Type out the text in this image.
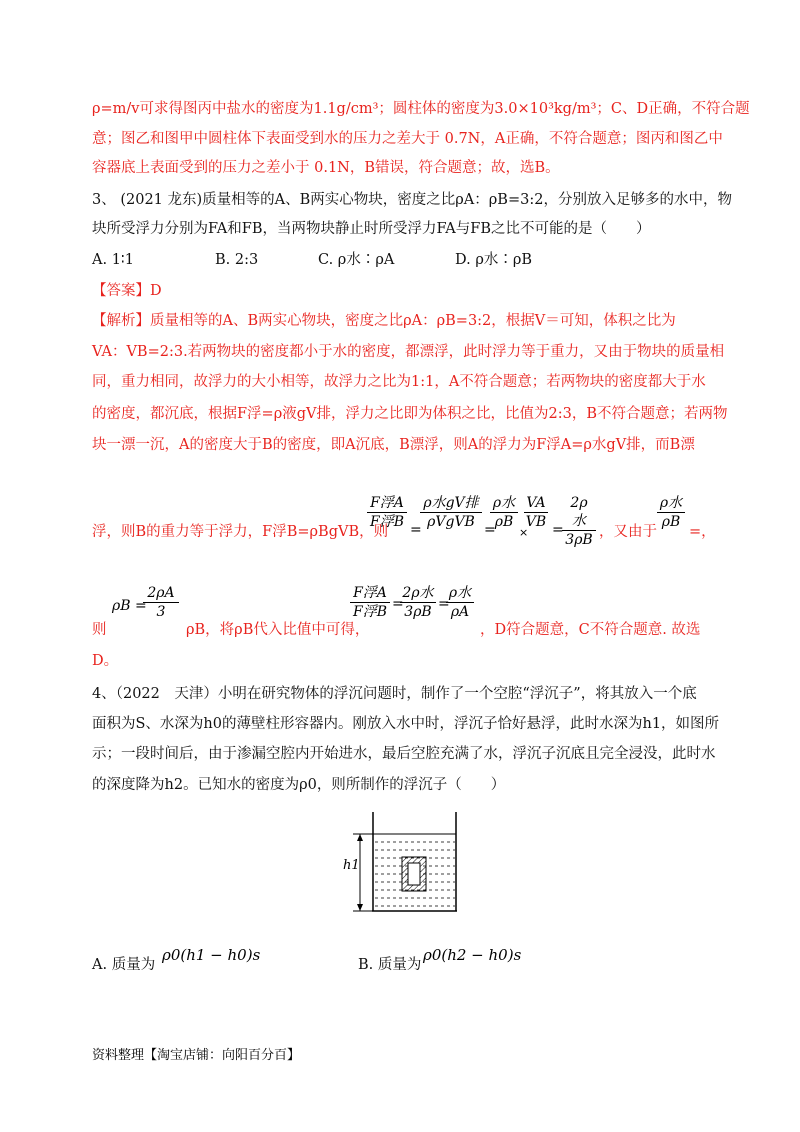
ρ=m/v可求得图丙中盐水的密度为1.1g/cm³；圆柱体的密度为3.0×10³kg/m³；C、D正确，不符合题
意；图乙和图甲中圆柱体下表面受到水的压力之差大于 0.7N，A正确，不符合题意；图丙和图乙中
容器底上表面受到的压力之差小于 0.1N，B错误，符合题意；故，选B。
3、 (2021 龙东)质量相等的A、B两实心物块，密度之比ρA：ρB=3:2，分别放入足够多的水中，物
块所受浮力分别为FA和FB，当两物块静止时所受浮力FA与FB之比不可能的是（　　）
A. 1∶1	B. 2:3	C. ρ水∶ρA	D. ρ水∶ρB
【答案】D
【解析】质量相等的A、B两实心物块，密度之比ρA：ρB=3:2，根据V＝可知，体积之比为
VA：VB=2:3.若两物块的密度都小于水的密度，都漂浮，此时浮力等于重力，又由于物块的质量相
同，重力相同，故浮力的大小相等，故浮力之比为1:1，A不符合题意；若两物块的密度都大于水
的密度，都沉底，根据F浮=ρ液gV排，浮力之比即为体积之比，比值为2:3，B不符合题意；若两物
块一漂一沉，A的密度大于B的密度，即A沉底，B漂浮，则A的浮力为F浮A=ρ水gV排，而B漂
浮，则B的重力等于浮力，F浮B=ρBgVB，则
F浮A
F浮B =
ρ水gV排
ρVgVB =
ρ水
ρB
×
$\frac{VA}{VB}$ =
2ρ水
3ρB ，又由于
ρ水
ρB
=，
则
ρB =
$\frac{2\rho A}{3}$
ρB，将ρB代入比值中可得，
F浮A
F浮B =
2ρ水
3ρB =
ρ水
ρA
，D符合题意，C不符合题意. 故选
D。
4、（2022　天津）小明在研究物体的浮沉问题时，制作了一个空腔“浮沉子”，将其放入一个底
面积为S、水深为h0的薄壁柱形容器内。刚放入水中时，浮沉子恰好悬浮，此时水深为h1，如图所
示；一段时间后，由于渗漏空腔内开始进水，最后空腔充满了水，浮沉子沉底且完全浸没，此时水
的深度降为h2。已知水的密度为ρ0，则所制作的浮沉子（　　）
h1
A. 质量为
ρ0(h1 − h0)s
B. 质量为
ρ0(h2 − h0)s
资料整理【淘宝店铺：向阳百分百】
